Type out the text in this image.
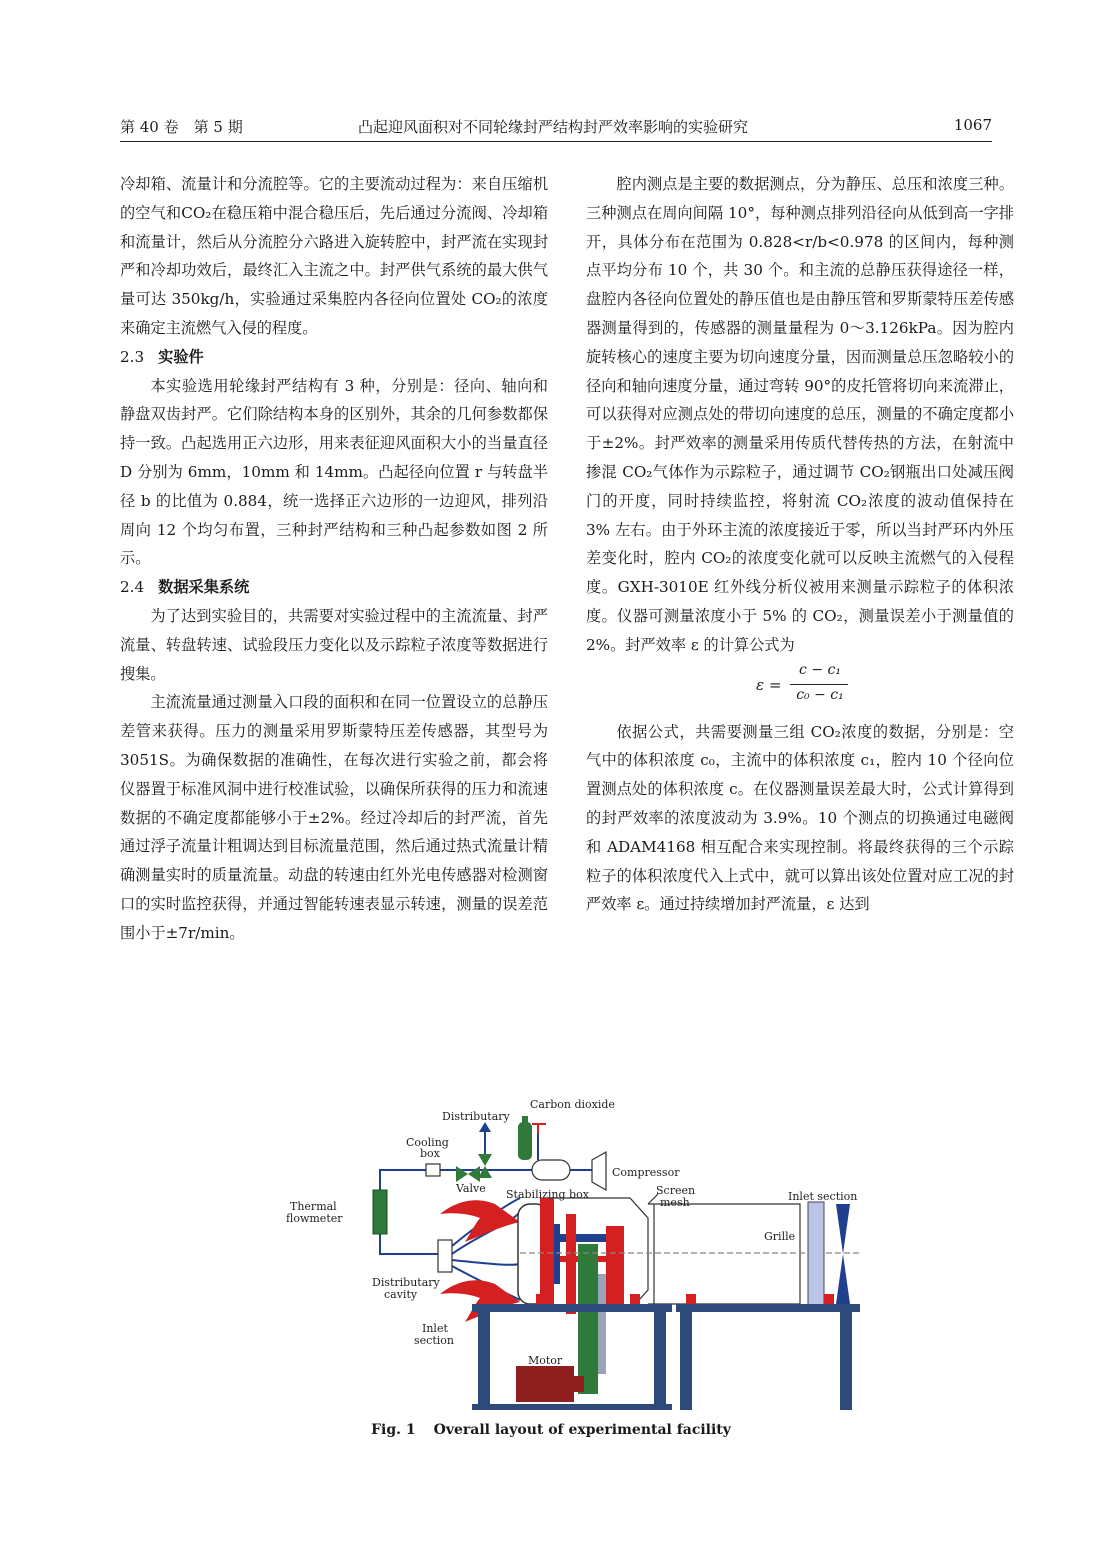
第 40 卷　第 5 期	凸起迎风面积对不同轮缘封严结构封严效率影响的实验研究	1067

冷却箱、流量计和分流腔等。它的主要流动过程为：来自压缩机的空气和CO₂在稳压箱中混合稳压后，先后通过分流阀、冷却箱和流量计，然后从分流腔分六路进入旋转腔中，封严流在实现封严和冷却功效后，最终汇入主流之中。封严供气系统的最大供气量可达 350kg/h，实验通过采集腔内各径向位置处 CO₂的浓度来确定主流燃气入侵的程度。

2.3 实验件

本实验选用轮缘封严结构有 3 种，分别是：径向、轴向和静盘双齿封严。它们除结构本身的区别外，其余的几何参数都保持一致。凸起选用正六边形，用来表征迎风面积大小的当量直径 D 分别为 6mm，10mm 和 14mm。凸起径向位置 r 与转盘半径 b 的比值为 0.884，统一选择正六边形的一边迎风，排列沿周向 12 个均匀布置，三种封严结构和三种凸起参数如图 2 所示。

2.4 数据采集系统

为了达到实验目的，共需要对实验过程中的主流流量、封严流量、转盘转速、试验段压力变化以及示踪粒子浓度等数据进行搜集。

主流流量通过测量入口段的面积和在同一位置设立的总静压差管来获得。压力的测量采用罗斯蒙特压差传感器，其型号为 3051S。为确保数据的准确性，在每次进行实验之前，都会将仪器置于标准风洞中进行校准试验，以确保所获得的压力和流速数据的不确定度都能够小于±2%。经过冷却后的封严流，首先通过浮子流量计粗调达到目标流量范围，然后通过热式流量计精确测量实时的质量流量。动盘的转速由红外光电传感器对检测窗口的实时监控获得，并通过智能转速表显示转速，测量的误差范围小于±7r/min。

腔内测点是主要的数据测点，分为静压、总压和浓度三种。三种测点在周向间隔 10°，每种测点排列沿径向从低到高一字排开，具体分布在范围为 0.828<r/b<0.978 的区间内，每种测点平均分布 10 个，共 30 个。和主流的总静压获得途径一样，盘腔内各径向位置处的静压值也是由静压管和罗斯蒙特压差传感器测量得到的，传感器的测量量程为 0～3.126kPa。因为腔内旋转核心的速度主要为切向速度分量，因而测量总压忽略较小的径向和轴向速度分量，通过弯转 90°的皮托管将切向来流滞止，可以获得对应测点处的带切向速度的总压，测量的不确定度都小于±2%。封严效率的测量采用传质代替传热的方法，在射流中掺混 CO₂气体作为示踪粒子，通过调节 CO₂钢瓶出口处减压阀门的开度，同时持续监控，将射流 CO₂浓度的波动值保持在 3% 左右。由于外环主流的浓度接近于零，所以当封严环内外压差变化时，腔内 CO₂的浓度变化就可以反映主流燃气的入侵程度。GXH-3010E 红外线分析仪被用来测量示踪粒子的体积浓度。仪器可测量浓度小于 5% 的 CO₂，测量误差小于测量值的 2%。封严效率 ε 的计算公式为

ε =
c − c₁
c₀ − c₁

依据公式，共需要测量三组 CO₂浓度的数据，分别是：空气中的体积浓度 c₀，主流中的体积浓度 c₁，腔内 10 个径向位置测点处的体积浓度 c。在仪器测量误差最大时，公式计算得到的封严效率的浓度波动为 3.9%。10 个测点的切换通过电磁阀和 ADAM4168 相互配合来实现控制。将最终获得的三个示踪粒子的体积浓度代入上式中，就可以算出该处位置对应工况的封严效率 ε。通过持续增加封严流量，ε 达到

Distributary
Carbon dioxide
Cooling
box
Compressor
Valve Stabilizing box	Screen
mesh	Inlet section
Thermal
flowmeter
Grille
Distributary
cavity
Inlet
section
Motor
Fig. 1 Overall layout of experimental facility
